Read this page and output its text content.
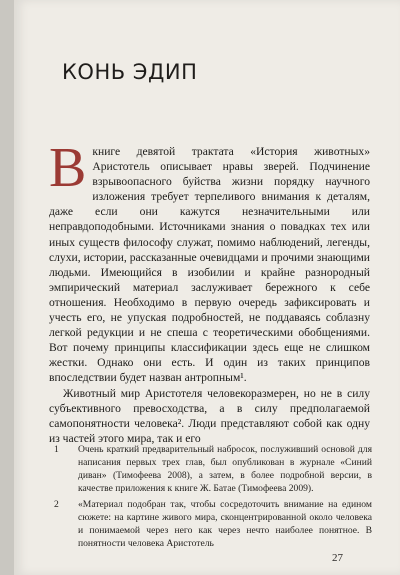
КОНЬ ЭДИП

В книге девятой трактата «История животных» Аристотель описывает нравы зверей. Подчинение взрывоопасного буйства жизни порядку научного изложения требует терпеливого внимания к деталям, даже если они кажутся незначительными или неправдоподобными. Источниками знания о повадках тех или иных существ философу служат, помимо наблюдений, легенды, слухи, истории, рассказанные очевидцами и прочими знающими людьми. Имеющийся в изобилии и крайне разнородный эмпирический материал заслуживает бережного к себе отношения. Необходимо в первую очередь зафиксировать и учесть его, не упуская подробностей, не поддаваясь соблазну легкой редукции и не спеша с теоретическими обобщениями. Вот почему принципы классификации здесь еще не слишком жестки. Однако они есть. И один из таких принципов впоследствии будет назван антропным¹.

Животный мир Аристотеля человекоразмерен, но не в силу субъективного превосходства, а в силу предполагаемой самопонятности человека². Люди представляют собой как одну из частей этого мира, так и его

1	Очень краткий предварительный набросок, послуживший основой для написания первых трех глав, был опубликован в журнале «Синий диван» (Тимофеева 2008), а затем, в более подробной версии, в качестве приложения к книге Ж. Батае (Тимофеева 2009).
2	«Материал подобран так, чтобы сосредоточить внимание на едином сюжете: на картине живого мира, сконцентрированной около человека и понимаемой через него как через нечто наиболее понятное. В понятности человека Аристотель
27
